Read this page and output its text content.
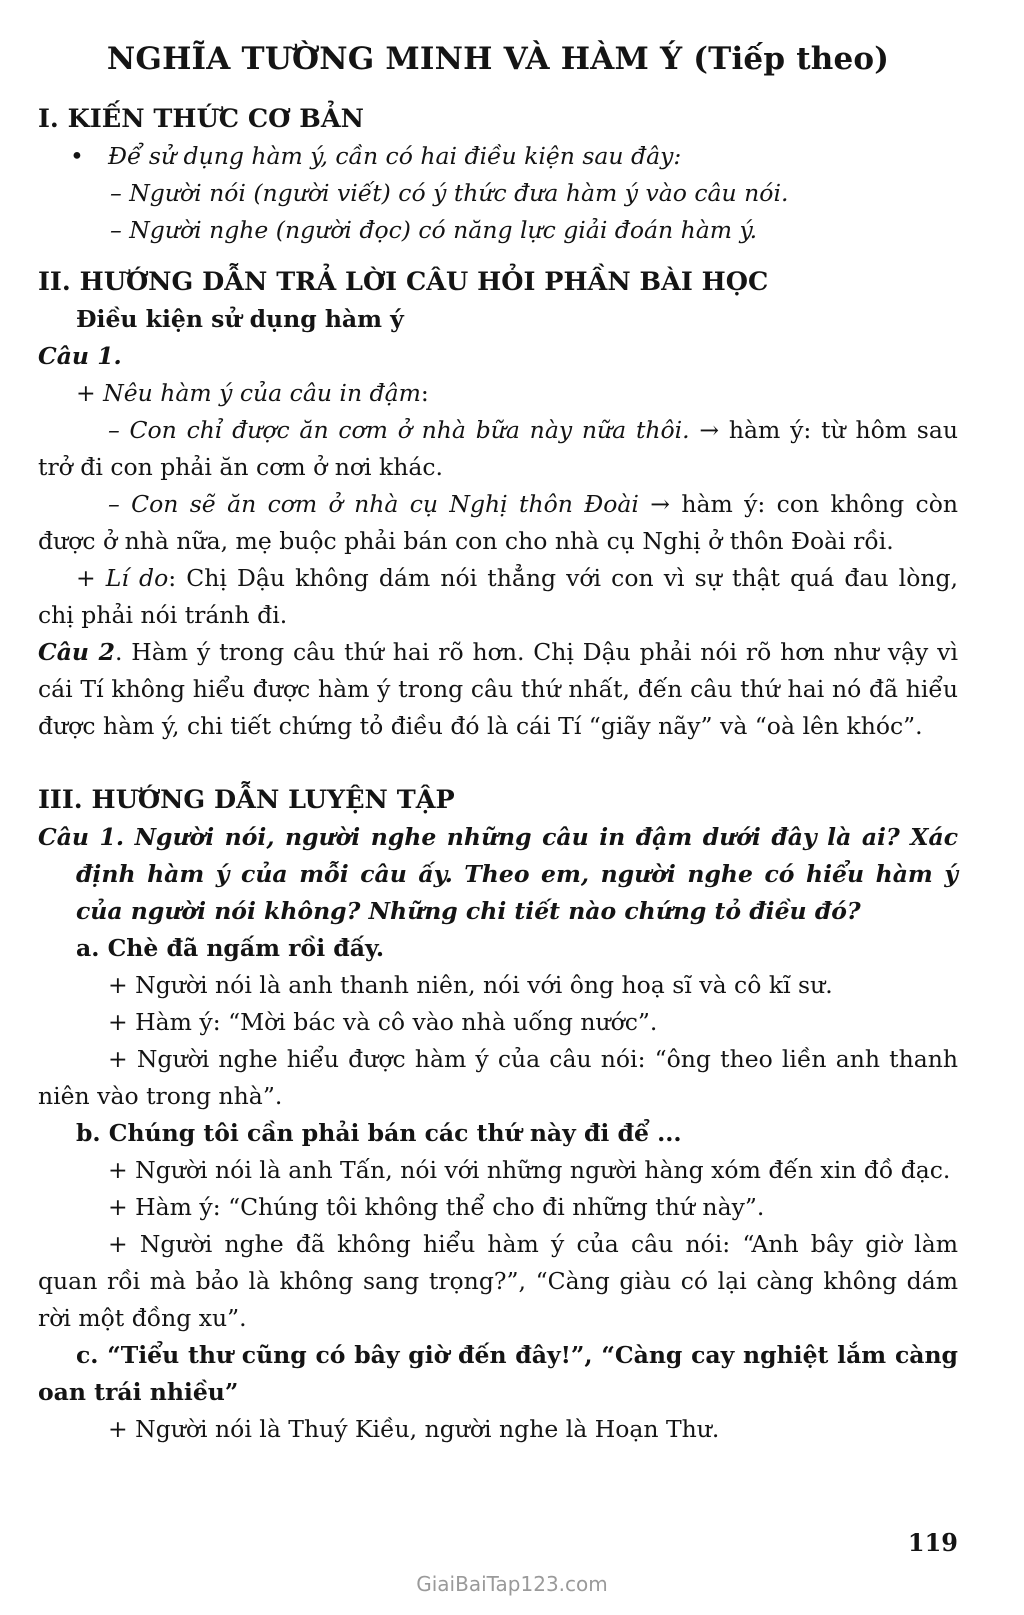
NGHĨA TƯỜNG MINH VÀ HÀM Ý (Tiếp theo)
I. KIẾN THỨC CƠ BẢN
• Để sử dụng hàm ý, cần có hai điều kiện sau đây:
– Người nói (người viết) có ý thức đưa hàm ý vào câu nói.
– Người nghe (người đọc) có năng lực giải đoán hàm ý.
II. HƯỚNG DẪN TRẢ LỜI CÂU HỎI PHẦN BÀI HỌC
Điều kiện sử dụng hàm ý
Câu 1.
+ Nêu hàm ý của câu in đậm:
– Con chỉ được ăn cơm ở nhà bữa này nữa thôi. → hàm ý: từ hôm sau trở đi con phải ăn cơm ở nơi khác.
– Con sẽ ăn cơm ở nhà cụ Nghị thôn Đoài → hàm ý: con không còn được ở nhà nữa, mẹ buộc phải bán con cho nhà cụ Nghị ở thôn Đoài rồi.
+ Lí do: Chị Dậu không dám nói thẳng với con vì sự thật quá đau lòng, chị phải nói tránh đi.
Câu 2. Hàm ý trong câu thứ hai rõ hơn. Chị Dậu phải nói rõ hơn như vậy vì cái Tí không hiểu được hàm ý trong câu thứ nhất, đến câu thứ hai nó đã hiểu được hàm ý, chi tiết chứng tỏ điều đó là cái Tí “giãy nãy” và “oà lên khóc”.
III. HƯỚNG DẪN LUYỆN TẬP
Câu 1. Người nói, người nghe những câu in đậm dưới đây là ai? Xác định hàm ý của mỗi câu ấy. Theo em, người nghe có hiểu hàm ý của người nói không? Những chi tiết nào chứng tỏ điều đó?
a. Chè đã ngấm rồi đấy.
+ Người nói là anh thanh niên, nói với ông hoạ sĩ và cô kĩ sư.
+ Hàm ý: “Mời bác và cô vào nhà uống nước”.
+ Người nghe hiểu được hàm ý của câu nói: “ông theo liền anh thanh niên vào trong nhà”.
b. Chúng tôi cần phải bán các thứ này đi để ...
+ Người nói là anh Tấn, nói với những người hàng xóm đến xin đồ đạc.
+ Hàm ý: “Chúng tôi không thể cho đi những thứ này”.
+ Người nghe đã không hiểu hàm ý của câu nói: “Anh bây giờ làm quan rồi mà bảo là không sang trọng?”, “Càng giàu có lại càng không dám rời một đồng xu”.
c. “Tiểu thư cũng có bây giờ đến đây!”, “Càng cay nghiệt lắm càng oan trái nhiều”
+ Người nói là Thuý Kiều, người nghe là Hoạn Thư.
119
GiaiBaiTap123.com
